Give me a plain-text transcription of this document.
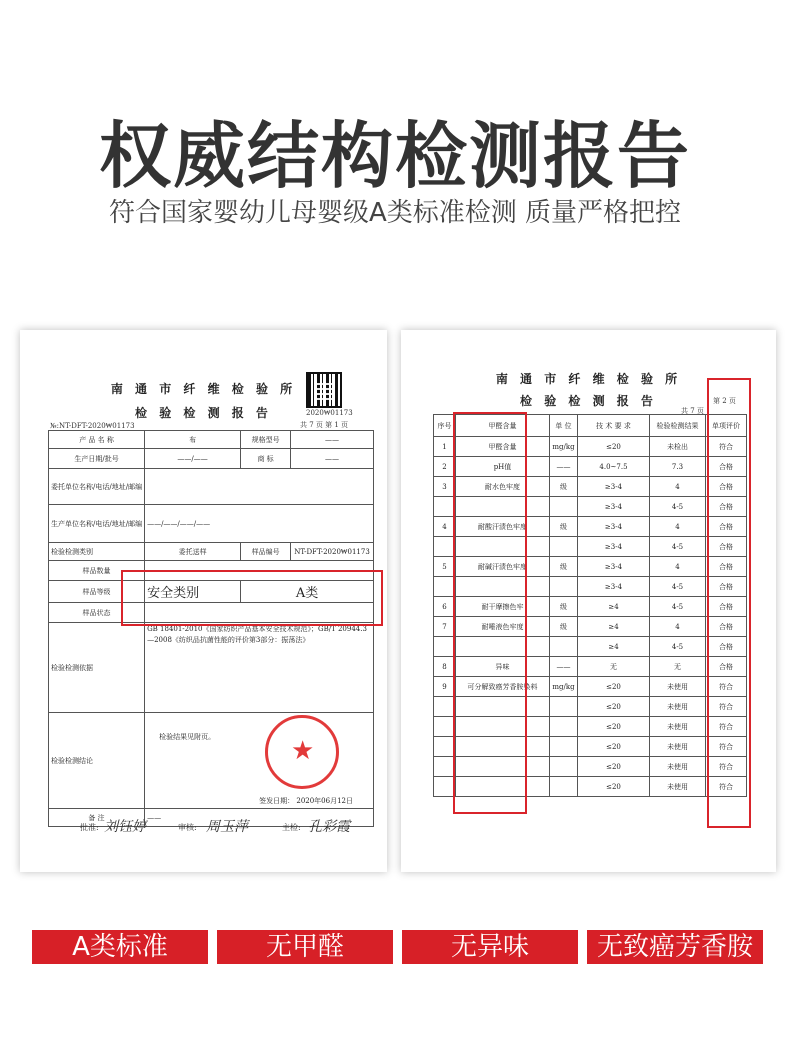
权威结构检测报告
符合国家婴幼儿母婴级A类标准检测 质量严格把控
南 通 市 纤 维 检 验 所
检 验 检 测 报 告	2020₩01173
№:NT-DFT-2020₩01173	共 7 页 第 1 页
产 品 名 称	布	规格型号	——
生产日期/批号	——/——	商 标	——
委托单位名称/电话/地址/邮编			
生产单位名称/电话/地址/邮编	——/——/——/——		
检验检测类别	委托送样	样品编号	NT-DFT-2020₩01173
样品数量			
样品等级	安全类别	A类	
样品状态			
检验检测依据	GB 18401-2010《国家纺织产品基本安全技术规范》；GB/T 20944.3—2008《纺织品抗菌性能的评价第3部分：振荡法》		
检验检测结论	检验结果见附页。
签发日期： 2020年06月12日		

备 注	——		
★
批准: 刘钰婷	审核: 周玉萍	主检: 孔彩霞
南 通 市 纤 维 检 验 所
检 验 检 测 报 告
共 7 页
第 2 页
序号	甲醛含量	单 位	技 术 要 求	检验检测结果	单项评价
1	甲醛含量	mg/kg	≤20	未检出	符合
2	pH值	——	4.0~7.5	7.3	合格
3	耐水色牢度	级	≥3-4	4	合格
			≥3-4	4-5	合格
4	耐酸汗渍色牢度	级	≥3-4	4	合格
			≥3-4	4-5	合格
5	耐碱汗渍色牢度	级	≥3-4	4	合格
			≥3-4	4-5	合格
6	耐干摩擦色牢	级	≥4	4-5	合格
7	耐唾液色牢度	级	≥4	4	合格
			≥4	4-5	合格
8	异味	——	无	无	合格
9	可分解致癌芳香胺染料	mg/kg	≤20	未使用	符合
			≤20	未使用	符合
			≤20	未使用	符合
			≤20	未使用	符合
			≤20	未使用	符合
			≤20	未使用	符合
A类标准	无甲醛	无异味	无致癌芳香胺
